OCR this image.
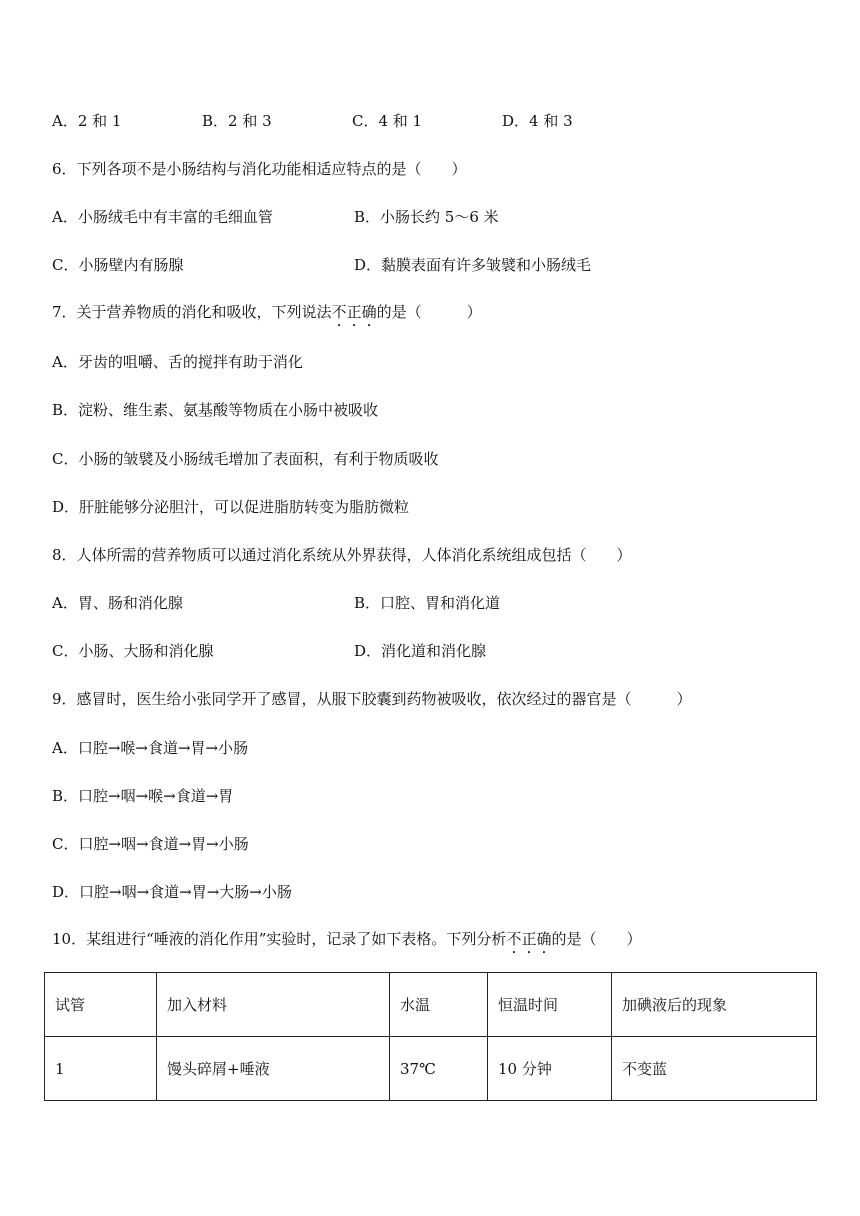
A．2 和 1	B．2 和 3	C．4 和 1	D．4 和 3
6．下列各项不是小肠结构与消化功能相适应特点的是（　　）
A．小肠绒毛中有丰富的毛细血管	B．小肠长约 5～6 米
C．小肠壁内有肠腺	D．黏膜表面有许多皱襞和小肠绒毛
7．关于营养物质的消化和吸收，下列说法不正确的是（　　　）
A．牙齿的咀嚼、舌的搅拌有助于消化
B．淀粉、维生素、氨基酸等物质在小肠中被吸收
C．小肠的皱襞及小肠绒毛增加了表面积，有利于物质吸收
D．肝脏能够分泌胆汁，可以促进脂肪转变为脂肪微粒
8．人体所需的营养物质可以通过消化系统从外界获得，人体消化系统组成包括（　　）
A．胃、肠和消化腺	B．口腔、胃和消化道
C．小肠、大肠和消化腺	D．消化道和消化腺
9．感冒时，医生给小张同学开了感冒，从服下胶囊到药物被吸收，依次经过的器官是（　　　）
A．口腔→喉→食道→胃→小肠
B．口腔→咽→喉→食道→胃
C．口腔→咽→食道→胃→小肠
D．口腔→咽→食道→胃→大肠→小肠
10．某组进行“唾液的消化作用”实验时，记录了如下表格。下列分析不正确的是（　　）
试管	加入材料	水温	恒温时间	加碘液后的现象
1	馒头碎屑+唾液	37℃	10 分钟	不变蓝
